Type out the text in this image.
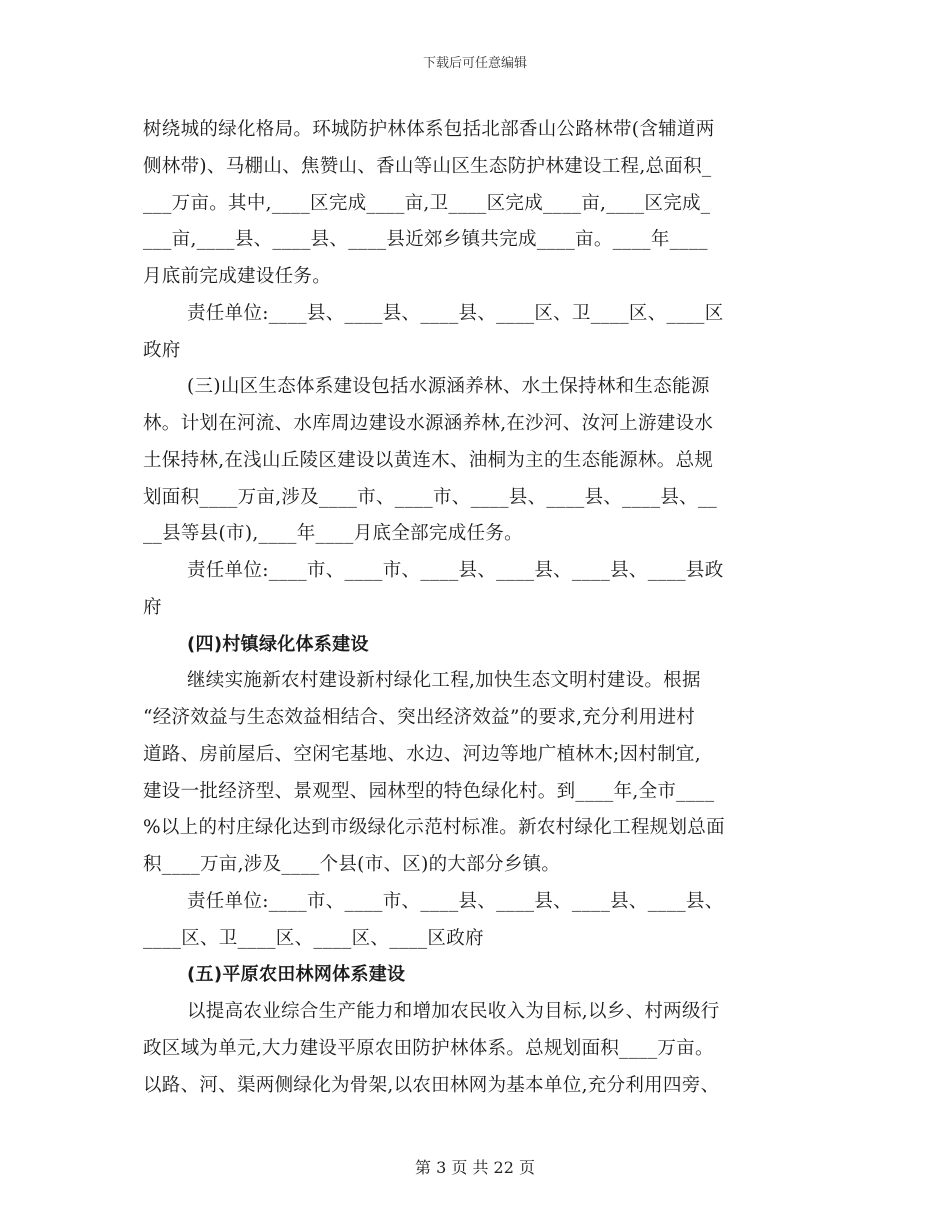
下载后可任意编辑
树绕城的绿化格局。环城防护林体系包括北部香山公路林带(含辅道两
侧林带)、马棚山、焦赞山、香山等山区生态防护林建设工程,总面积_
___万亩。其中,____区完成____亩,卫____区完成____亩,____区完成_
___亩,____县、____县、____县近郊乡镇共完成____亩。____年____
月底前完成建设任务。
责任单位:____县、____县、____县、____区、卫____区、____区
政府
(三)山区生态体系建设包括水源涵养林、水土保持林和生态能源
林。计划在河流、水库周边建设水源涵养林,在沙河、汝河上游建设水
土保持林,在浅山丘陵区建设以黄连木、油桐为主的生态能源林。总规
划面积____万亩,涉及____市、____市、____县、____县、____县、__
__县等县(市),____年____月底全部完成任务。
责任单位:____市、____市、____县、____县、____县、____县政
府
(四)村镇绿化体系建设
继续实施新农村建设新村绿化工程,加快生态文明村建设。根据
“经济效益与生态效益相结合、突出经济效益”的要求,充分利用进村
道路、房前屋后、空闲宅基地、水边、河边等地广植林木;因村制宜,
建设一批经济型、景观型、园林型的特色绿化村。到____年,全市____
%以上的村庄绿化达到市级绿化示范村标准。新农村绿化工程规划总面
积____万亩,涉及____个县(市、区)的大部分乡镇。
责任单位:____市、____市、____县、____县、____县、____县、
____区、卫____区、____区、____区政府
(五)平原农田林网体系建设
以提高农业综合生产能力和增加农民收入为目标,以乡、村两级行
政区域为单元,大力建设平原农田防护林体系。总规划面积____万亩。
以路、河、渠两侧绿化为骨架,以农田林网为基本单位,充分利用四旁、
第 3 页 共 22 页
